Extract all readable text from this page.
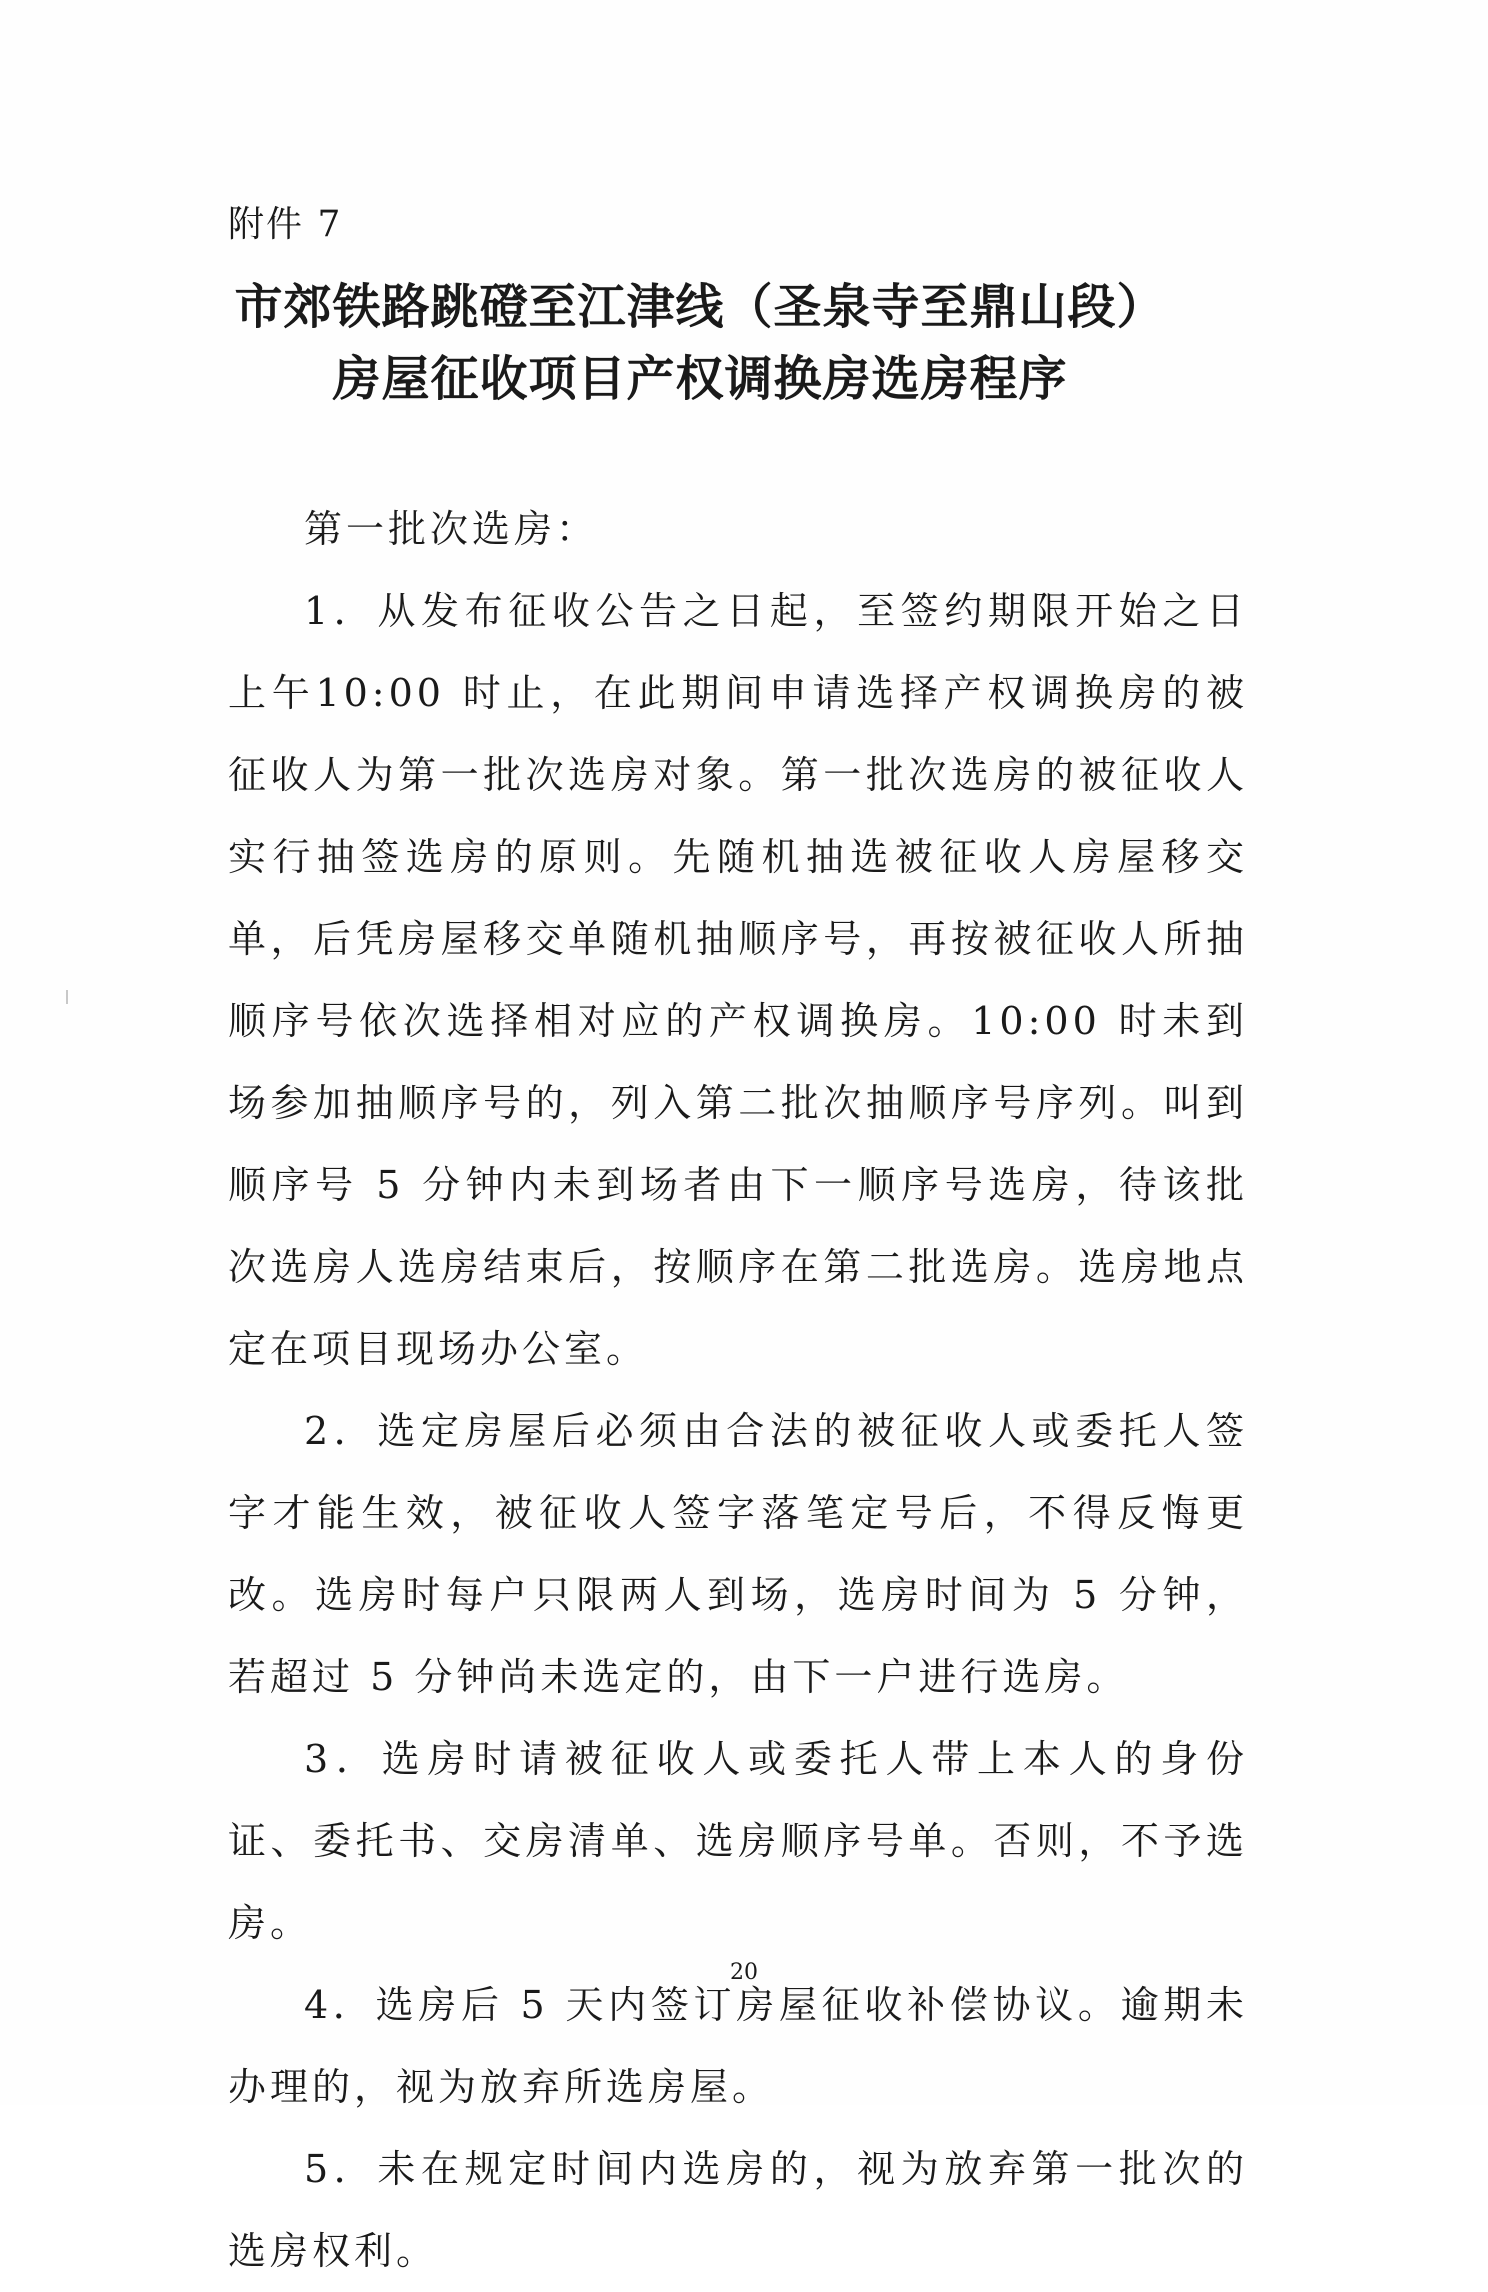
附件 7
市郊铁路跳磴至江津线（圣泉寺至鼎山段）
房屋征收项目产权调换房选房程序

第一批次选房：

1．从发布征收公告之日起，至签约期限开始之日上午10:00 时止，在此期间申请选择产权调换房的被征收人为第一批次选房对象。第一批次选房的被征收人实行抽签选房的原则。先随机抽选被征收人房屋移交单，后凭房屋移交单随机抽顺序号，再按被征收人所抽顺序号依次选择相对应的产权调换房。10:00 时未到场参加抽顺序号的，列入第二批次抽顺序号序列。叫到顺序号 5 分钟内未到场者由下一顺序号选房，待该批次选房人选房结束后，按顺序在第二批选房。选房地点定在项目现场办公室。

2．选定房屋后必须由合法的被征收人或委托人签字才能生效，被征收人签字落笔定号后，不得反悔更改。选房时每户只限两人到场，选房时间为 5 分钟，若超过 5 分钟尚未选定的，由下一户进行选房。

3．选房时请被征收人或委托人带上本人的身份证、委托书、交房清单、选房顺序号单。否则，不予选房。

4．选房后 5 天内签订房屋征收补偿协议。逾期未办理的，视为放弃所选房屋。

5．未在规定时间内选房的，视为放弃第一批次的选房权利。

20
